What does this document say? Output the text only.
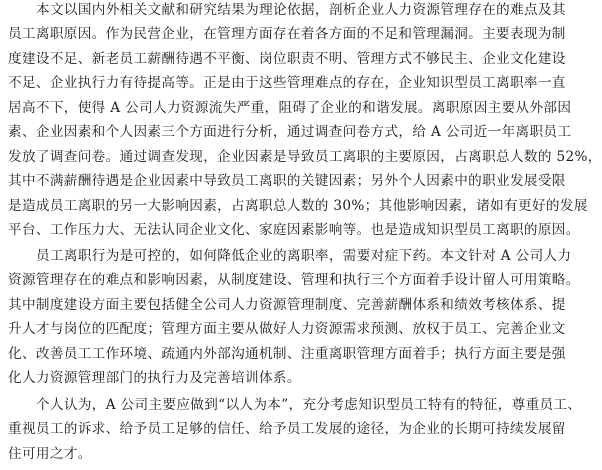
本文以国内外相关文献和研究结果为理论依据，剖析企业人力资源管理存在的难点及其
员工离职原因。作为民营企业，在管理方面存在着各方面的不足和管理漏洞。主要表现为制
度建设不足、新老员工薪酬待遇不平衡、岗位职责不明、管理方式不够民主、企业文化建设
不足、企业执行力有待提高等。正是由于这些管理难点的存在，企业知识型员工离职率一直
居高不下，使得 A 公司人力资源流失严重，阻碍了企业的和谐发展。离职原因主要从外部因
素、企业因素和个人因素三个方面进行分析，通过调查问卷方式，给 A 公司近一年离职员工
发放了调查问卷。通过调查发现，企业因素是导致员工离职的主要原因，占离职总人数的 52%，
其中不满薪酬待遇是企业因素中导致员工离职的关键因素；另外个人因素中的职业发展受限
是造成员工离职的另一大影响因素，占离职总人数的 30%；其他影响因素，诸如有更好的发展
平台、工作压力大、无法认同企业文化、家庭因素影响等。也是造成知识型员工离职的原因。
员工离职行为是可控的，如何降低企业的离职率，需要对症下药。本文针对 A 公司人力
资源管理存在的难点和影响因素，从制度建设、管理和执行三个方面着手设计留人可用策略。
其中制度建设方面主要包括健全公司人力资源管理制度、完善薪酬体系和绩效考核体系、提
升人才与岗位的匹配度；管理方面主要从做好人力资源需求预测、放权于员工、完善企业文
化、改善员工工作环境、疏通内外部沟通机制、注重离职管理方面着手；执行方面主要是强
化人力资源管理部门的执行力及完善培训体系。
个人认为，A 公司主要应做到“以人为本”，充分考虑知识型员工特有的特征，尊重员工、
重视员工的诉求、给予员工足够的信任、给予员工发展的途径，为企业的长期可持续发展留
住可用之才。
